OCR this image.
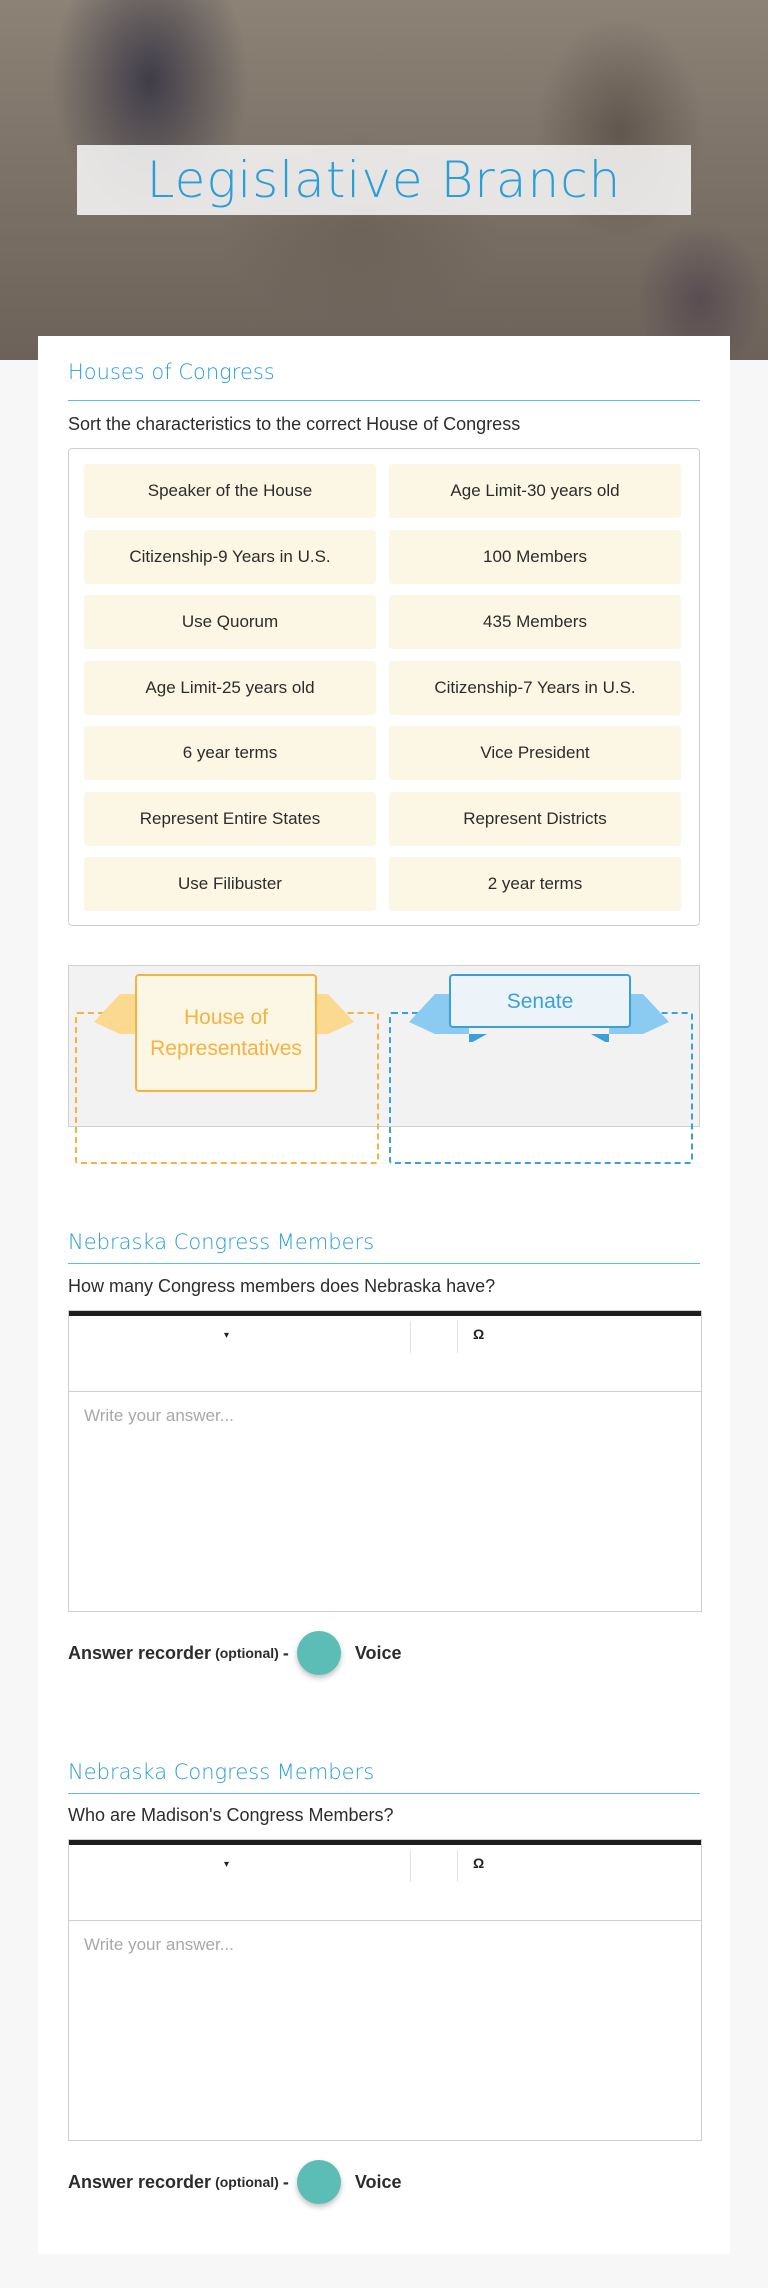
Legislative Branch
Houses of Congress
Sort the characteristics to the correct House of Congress
Speaker of the House	Age Limit-30 years old
Citizenship-9 Years in U.S.	100 Members
Use Quorum	435 Members
Age Limit-25 years old	Citizenship-7 Years in U.S.
6 year terms	Vice President
Represent Entire States	Represent Districts
Use Filibuster	2 year terms
House of Representatives
Senate
Nebraska Congress Members
How many Congress members does Nebraska have?
▾	Ω
Write your answer...
Answer recorder (optional) -	Voice
Nebraska Congress Members
Who are Madison's Congress Members?
▾	Ω
Write your answer...
Answer recorder (optional) -	Voice
